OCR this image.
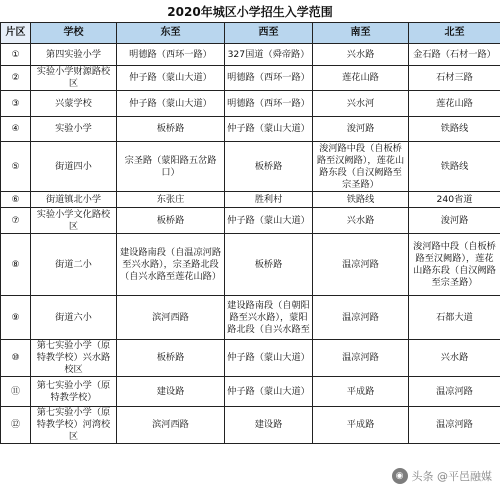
2020年城区小学招生入学范围
片区	学校	东至	西至	南至	北至
①	第四实验小学	明德路（西环一路）	327国道（舜帝路）	兴水路	金石路（石材一路）
②	实验小学财源路校区	仲子路（蒙山大道）	明德路（西环一路）	莲花山路	石材三路
③	兴蒙学校	仲子路（蒙山大道）	明德路（西环一路）	兴水河	莲花山路
④	实验小学	板桥路	仲子路（蒙山大道）	浚河路	铁路线
⑤	街道四小	宗圣路（蒙阳路五岔路口）	板桥路	浚河路中段（自板桥路至汉阙路），莲花山路东段（自汉阙路至宗圣路）	铁路线
⑥	街道镇北小学	东张庄	胜利村	铁路线	240省道
⑦	实验小学文化路校区	板桥路	仲子路（蒙山大道）	兴水路	浚河路
⑧	街道二小	建设路南段（自温凉河路至兴水路），宗圣路北段（自兴水路至莲花山路）	板桥路	温凉河路	浚河路中段（自板桥路至汉阙路），莲花山路东段（自汉阙路至宗圣路）
⑨	街道六小	滨河西路	建设路南段（自朝阳路至兴水路），蒙阳路北段（自兴水路至	温凉河路	石都大道
⑩	第七实验小学（原特教学校）兴水路校区	板桥路	仲子路（蒙山大道）	温凉河路	兴水路
⑪	第七实验小学（原特教学校）	建设路	仲子路（蒙山大道）	平成路	温凉河路
⑫	第七实验小学（原特教学校）河湾校区	滨河西路	建设路	平成路	温凉河路
◉ 头条 @平邑融媒
